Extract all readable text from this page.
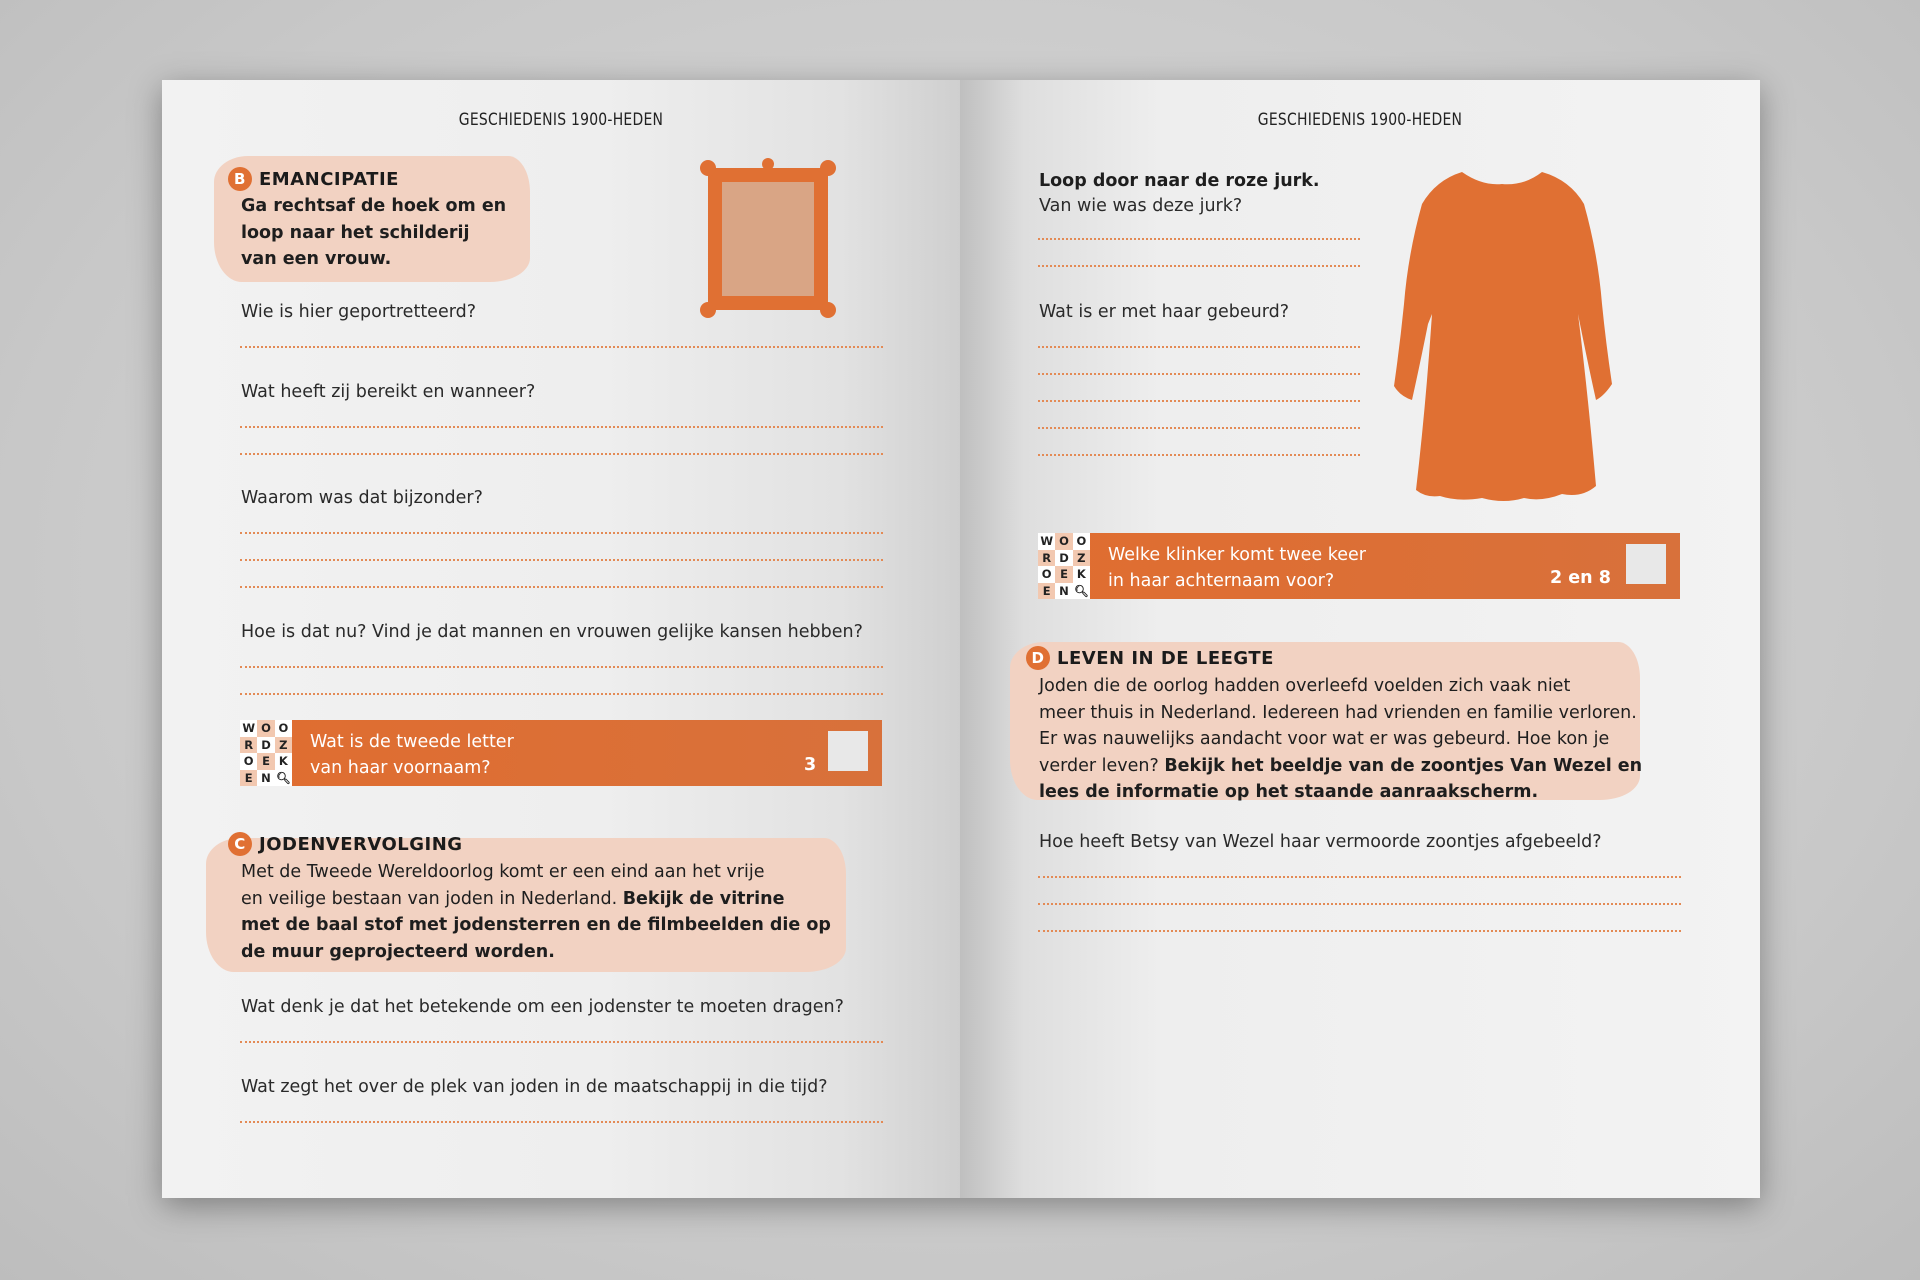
GESCHIEDENIS 1900-HEDEN
B EMANCIPATIE
Ga rechtsaf de hoek om en
loop naar het schilderij
van een vrouw.
Wie is hier geportretteerd?
Wat heeft zij bereikt en wanneer?
Waarom was dat bijzonder?
Hoe is dat nu? Vind je dat mannen en vrouwen gelijke kansen hebben?
W O O
R D Z
O E K
E N 🔍︎
Wat is de tweede letter
van haar voornaam?	3
C JODENVERVOLGING
Met de Tweede Wereldoorlog komt er een eind aan het vrije
en veilige bestaan van joden in Nederland. Bekijk de vitrine
met de baal stof met jodensterren en de filmbeelden die op
de muur geprojecteerd worden.
Wat denk je dat het betekende om een jodenster te moeten dragen?
Wat zegt het over de plek van joden in de maatschappij in die tijd?
GESCHIEDENIS 1900-HEDEN
Loop door naar de roze jurk.
Van wie was deze jurk?
Wat is er met haar gebeurd?
W O O
R D Z
O E K
E N 🔍︎
Welke klinker komt twee keer
in haar achternaam voor?	2 en 8
D LEVEN IN DE LEEGTE
Joden die de oorlog hadden overleefd voelden zich vaak niet
meer thuis in Nederland. Iedereen had vrienden en familie verloren.
Er was nauwelijks aandacht voor wat er was gebeurd. Hoe kon je
verder leven? Bekijk het beeldje van de zoontjes Van Wezel en
lees de informatie op het staande aanraakscherm.
Hoe heeft Betsy van Wezel haar vermoorde zoontjes afgebeeld?
